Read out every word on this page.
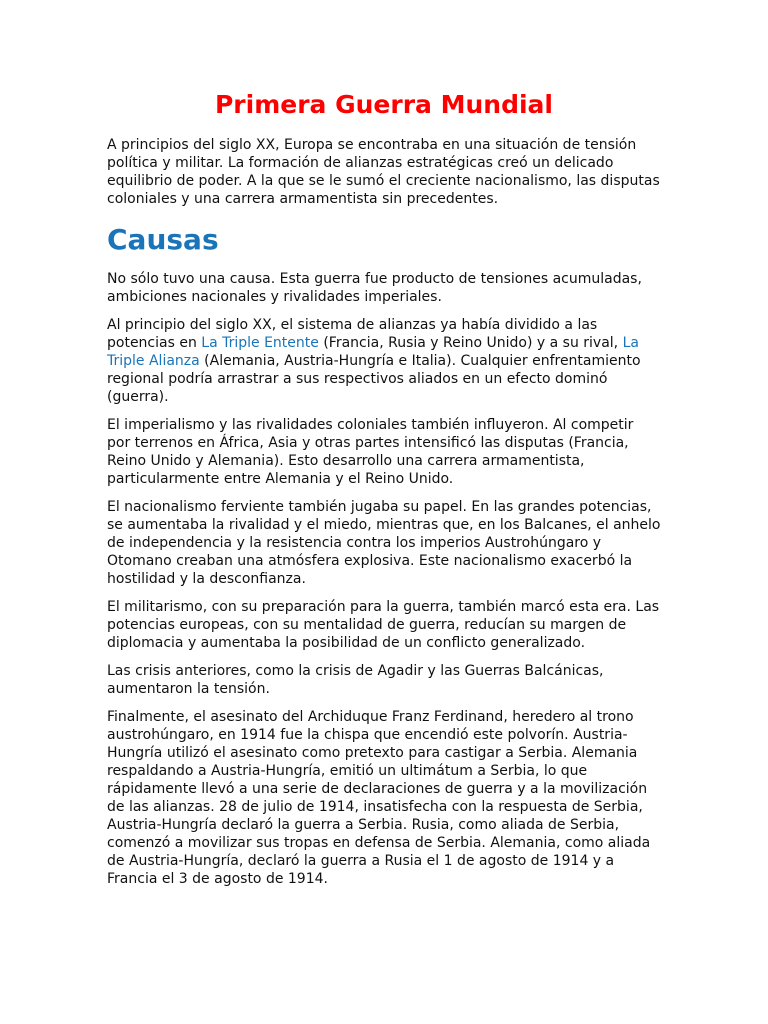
Primera Guerra Mundial

A principios del siglo XX, Europa se encontraba en una situación de tensión política y militar. La formación de alianzas estratégicas creó un delicado equilibrio de poder. A la que se le sumó el creciente nacionalismo, las disputas coloniales y una carrera armamentista sin precedentes.

Causas

No sólo tuvo una causa. Esta guerra fue producto de tensiones acumuladas, ambiciones nacionales y rivalidades imperiales.

Al principio del siglo XX, el sistema de alianzas ya había dividido a las potencias en La Triple Entente (Francia, Rusia y Reino Unido) y a su rival, La Triple Alianza (Alemania, Austria-Hungría e Italia). Cualquier enfrentamiento regional podría arrastrar a sus respectivos aliados en un efecto dominó (guerra).

El imperialismo y las rivalidades coloniales también influyeron. Al competir por terrenos en África, Asia y otras partes intensificó las disputas (Francia, Reino Unido y Alemania). Esto desarrollo una carrera armamentista, particularmente entre Alemania y el Reino Unido.

El nacionalismo ferviente también jugaba su papel. En las grandes potencias, se aumentaba la rivalidad y el miedo, mientras que, en los Balcanes, el anhelo de independencia y la resistencia contra los imperios Austrohúngaro y Otomano creaban una atmósfera explosiva. Este nacionalismo exacerbó la hostilidad y la desconfianza.

El militarismo, con su preparación para la guerra, también marcó esta era. Las potencias europeas, con su mentalidad de guerra, reducían su margen de diplomacia y aumentaba la posibilidad de un conflicto generalizado.

Las crisis anteriores, como la crisis de Agadir y las Guerras Balcánicas, aumentaron la tensión.

Finalmente, el asesinato del Archiduque Franz Ferdinand, heredero al trono austrohúngaro, en 1914 fue la chispa que encendió este polvorín. Austria-Hungría utilizó el asesinato como pretexto para castigar a Serbia. Alemania respaldando a Austria-Hungría, emitió un ultimátum a Serbia, lo que rápidamente llevó a una serie de declaraciones de guerra y a la movilización de las alianzas. 28 de julio de 1914, insatisfecha con la respuesta de Serbia, Austria-Hungría declaró la guerra a Serbia. Rusia, como aliada de Serbia, comenzó a movilizar sus tropas en defensa de Serbia. Alemania, como aliada de Austria-Hungría, declaró la guerra a Rusia el 1 de agosto de 1914 y a Francia el 3 de agosto de 1914.
